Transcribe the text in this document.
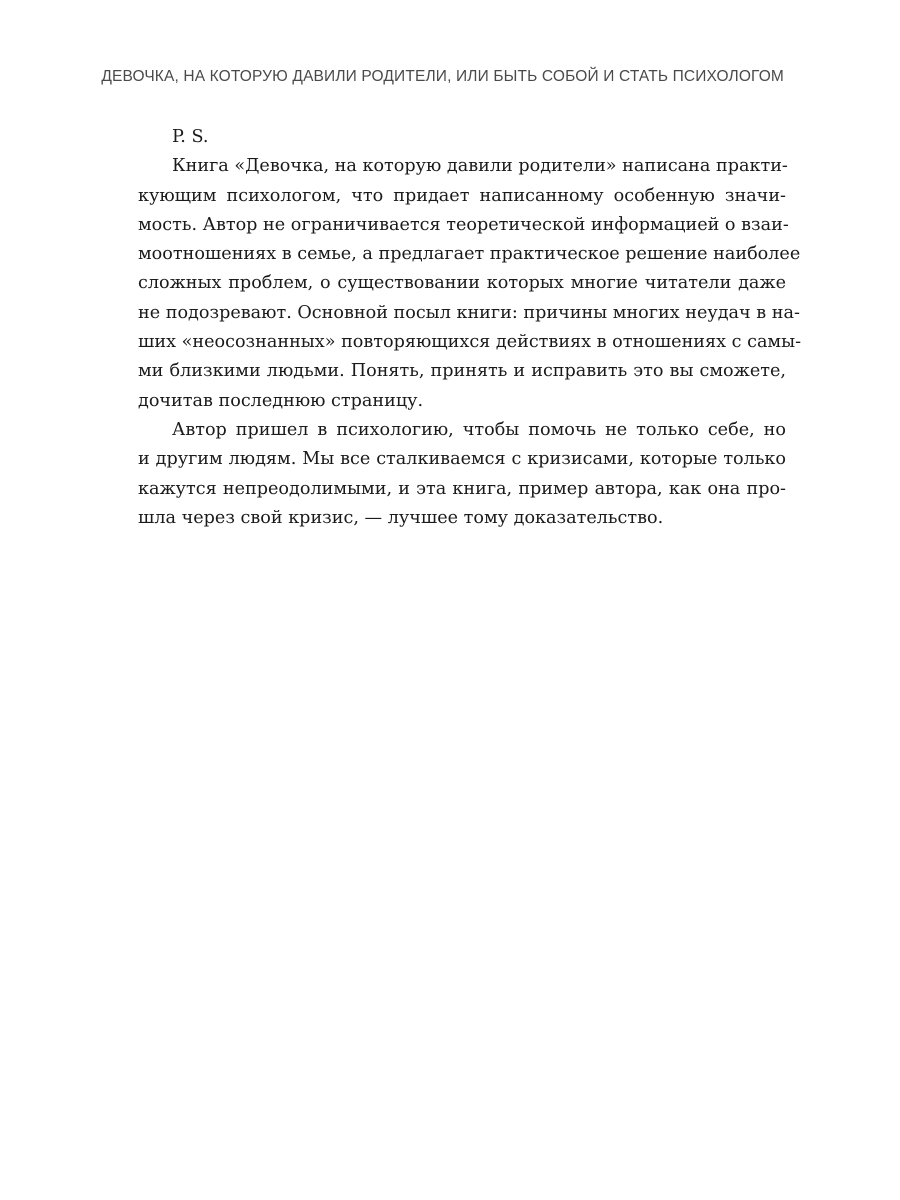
ДЕВОЧКА, НА КОТОРУЮ ДАВИЛИ РОДИТЕЛИ, ИЛИ БЫТЬ СОБОЙ И СТАТЬ ПСИХОЛОГОМ
P. S.
Книга «Девочка, на которую давили родители» написана практи-
кующим психологом, что придает написанному особенную значи-
мость. Автор не ограничивается теоретической информацией о взаи-
моотношениях в семье, а предлагает практическое решение наиболее
сложных проблем, о существовании которых многие читатели даже
не подозревают. Основной посыл книги: причины многих неудач в на-
ших «неосознанных» повторяющихся действиях в отношениях с самы-
ми близкими людьми. Понять, принять и исправить это вы сможете,
дочитав последнюю страницу.
Автор пришел в психологию, чтобы помочь не только себе, но
и другим людям. Мы все сталкиваемся с кризисами, которые только
кажутся непреодолимыми, и эта книга, пример автора, как она про-
шла через свой кризис, — лучшее тому доказательство.
